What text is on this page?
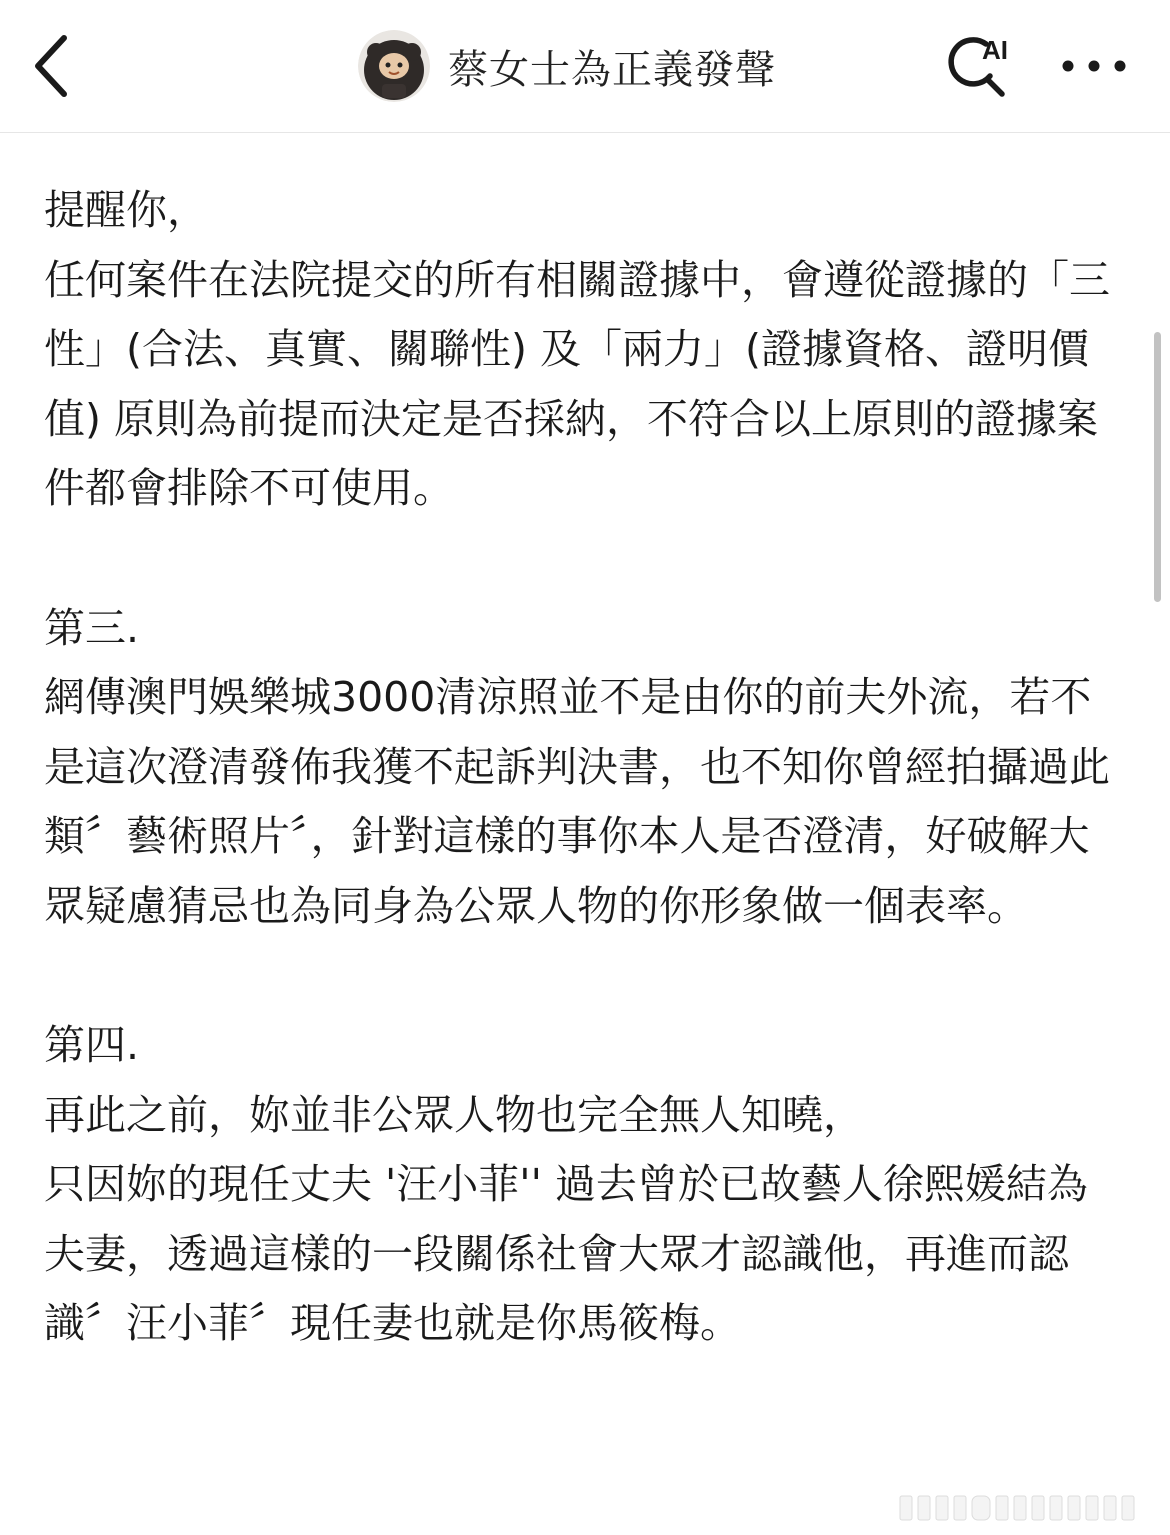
蔡女士為正義發聲	AI

提醒你，

任何案件在法院提交的所有相關證據中，會遵從證據的「三性」(合法、真實、關聯性) 及「兩力」(證據資格、證明價值) 原則為前提而決定是否採納，不符合以上原則的證據案件都會排除不可使用。

第三.

網傳澳門娛樂城3000清涼照並不是由你的前夫外流，若不是這次澄清發佈我獲不起訴判決書，也不知你曾經拍攝過此類〞藝術照片〞，針對這樣的事你本人是否澄清，好破解大眾疑慮猜忌也為同身為公眾人物的你形象做一個表率。

第四.

再此之前，妳並非公眾人物也完全無人知曉，

只因妳的現任丈夫 '汪小菲'' 過去曾於已故藝人徐熙媛結為夫妻，透過這樣的一段關係社會大眾才認識他，再進而認識〞汪小菲〞現任妻也就是你馬筱梅。
